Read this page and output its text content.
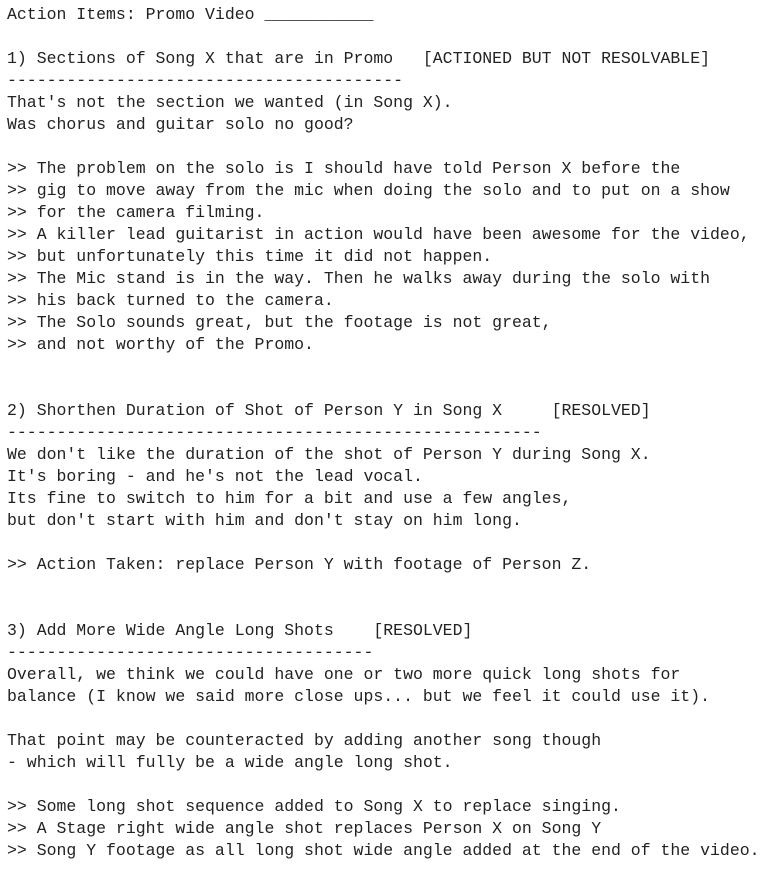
Action Items: Promo Video ___________
1) Sections of Song X that are in Promo   [ACTIONED BUT NOT RESOLVABLE]
----------------------------------------
That's not the section we wanted (in Song X).
Was chorus and guitar solo no good?
>> The problem on the solo is I should have told Person X before the
>> gig to move away from the mic when doing the solo and to put on a show
>> for the camera filming.
>> A killer lead guitarist in action would have been awesome for the video,
>> but unfortunately this time it did not happen.
>> The Mic stand is in the way. Then he walks away during the solo with
>> his back turned to the camera.
>> The Solo sounds great, but the footage is not great,
>> and not worthy of the Promo.
2) Shorthen Duration of Shot of Person Y in Song X     [RESOLVED]
------------------------------------------------------
We don't like the duration of the shot of Person Y during Song X.
It's boring - and he's not the lead vocal.
Its fine to switch to him for a bit and use a few angles,
but don't start with him and don't stay on him long.
>> Action Taken: replace Person Y with footage of Person Z.
3) Add More Wide Angle Long Shots    [RESOLVED]
-------------------------------------
Overall, we think we could have one or two more quick long shots for
balance (I know we said more close ups... but we feel it could use it).
That point may be counteracted by adding another song though
- which will fully be a wide angle long shot.
>> Some long shot sequence added to Song X to replace singing.
>> A Stage right wide angle shot replaces Person X on Song Y
>> Song Y footage as all long shot wide angle added at the end of the video.
